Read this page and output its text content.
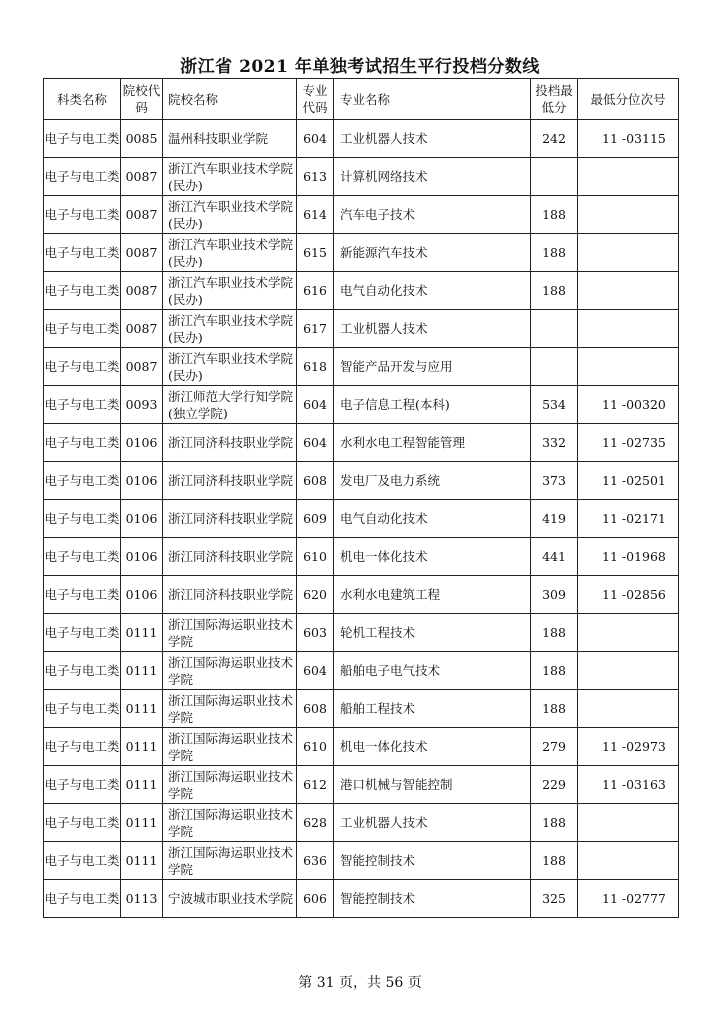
浙江省 2021 年单独考试招生平行投档分数线
科类名称	院校代码	院校名称	专业代码	专业名称	投档最低分	最低分位次号
电子与电工类	0085	温州科技职业学院	604	工业机器人技术	242	11 -03115
电子与电工类	0087	浙江汽车职业技术学院(民办)	613	计算机网络技术		
电子与电工类	0087	浙江汽车职业技术学院(民办)	614	汽车电子技术	188	
电子与电工类	0087	浙江汽车职业技术学院(民办)	615	新能源汽车技术	188	
电子与电工类	0087	浙江汽车职业技术学院(民办)	616	电气自动化技术	188	
电子与电工类	0087	浙江汽车职业技术学院(民办)	617	工业机器人技术		
电子与电工类	0087	浙江汽车职业技术学院(民办)	618	智能产品开发与应用		
电子与电工类	0093	浙江师范大学行知学院(独立学院)	604	电子信息工程(本科)	534	11 -00320
电子与电工类	0106	浙江同济科技职业学院	604	水利水电工程智能管理	332	11 -02735
电子与电工类	0106	浙江同济科技职业学院	608	发电厂及电力系统	373	11 -02501
电子与电工类	0106	浙江同济科技职业学院	609	电气自动化技术	419	11 -02171
电子与电工类	0106	浙江同济科技职业学院	610	机电一体化技术	441	11 -01968
电子与电工类	0106	浙江同济科技职业学院	620	水利水电建筑工程	309	11 -02856
电子与电工类	0111	浙江国际海运职业技术学院	603	轮机工程技术	188	
电子与电工类	0111	浙江国际海运职业技术学院	604	船舶电子电气技术	188	
电子与电工类	0111	浙江国际海运职业技术学院	608	船舶工程技术	188	
电子与电工类	0111	浙江国际海运职业技术学院	610	机电一体化技术	279	11 -02973
电子与电工类	0111	浙江国际海运职业技术学院	612	港口机械与智能控制	229	11 -03163
电子与电工类	0111	浙江国际海运职业技术学院	628	工业机器人技术	188	
电子与电工类	0111	浙江国际海运职业技术学院	636	智能控制技术	188	
电子与电工类	0113	宁波城市职业技术学院	606	智能控制技术	325	11 -02777
第 31 页，共 56 页
